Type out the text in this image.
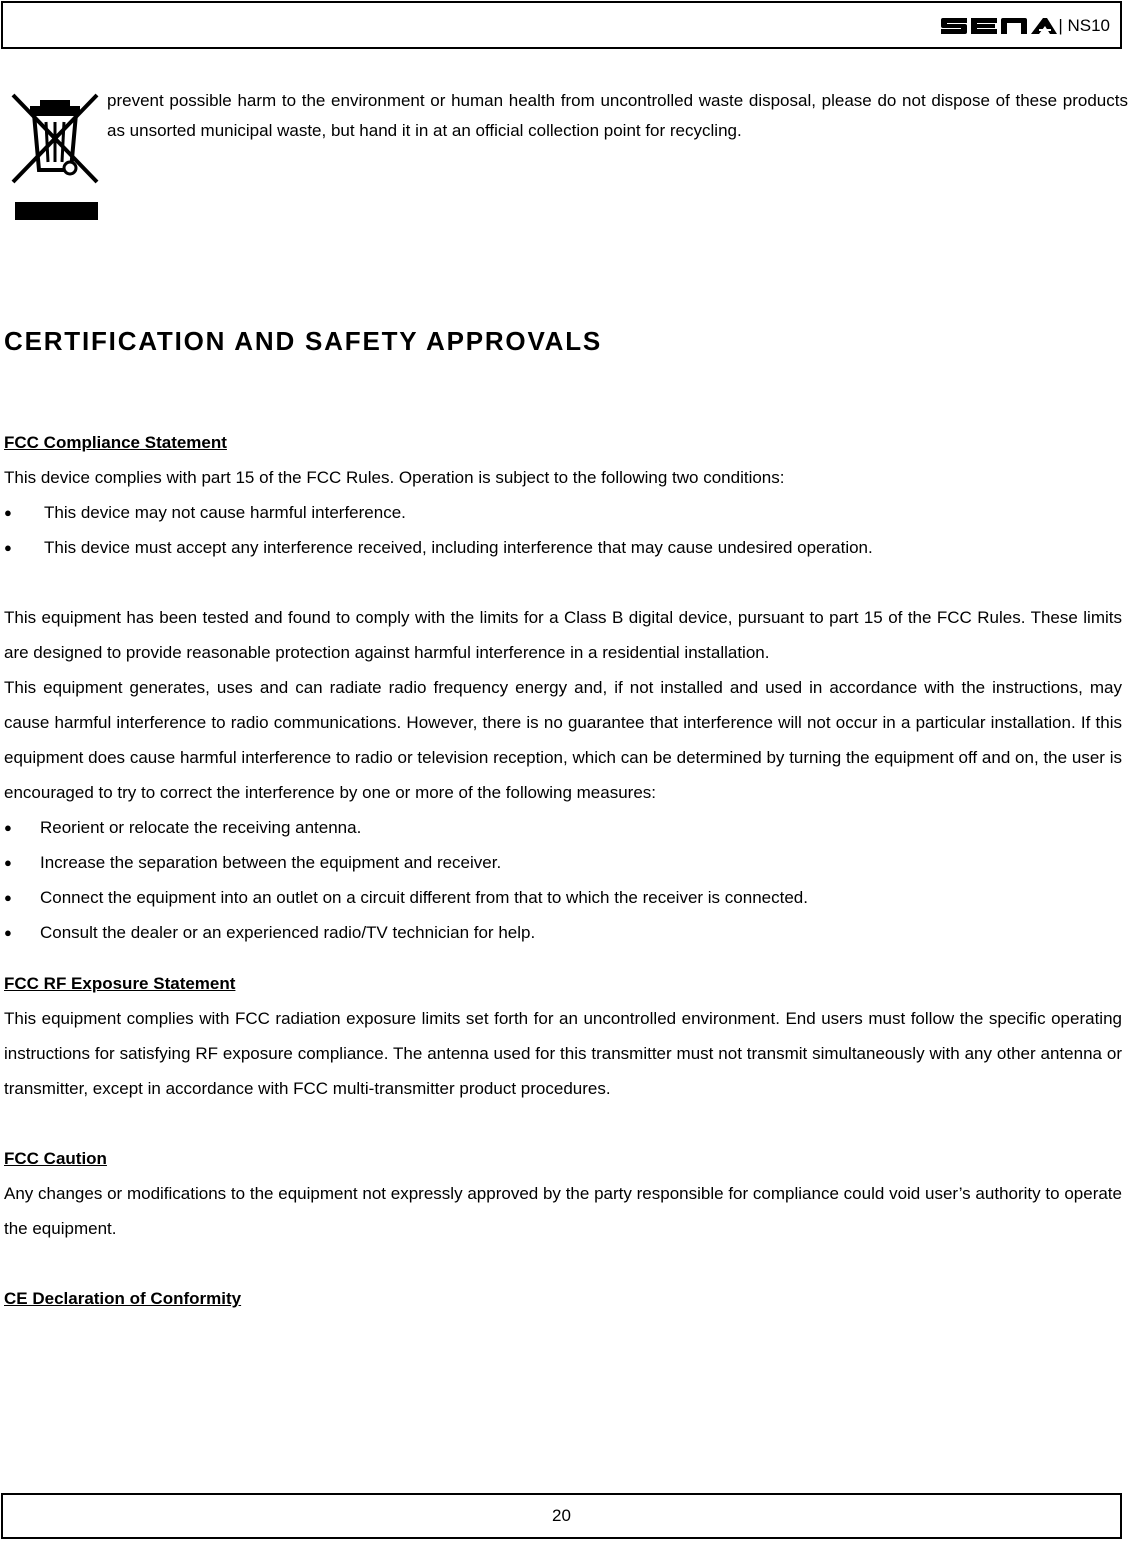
| NS10

prevent possible harm to the environment or human health from uncontrolled waste disposal, please do not dispose of these products as unsorted municipal waste, but hand it in at an official collection point for recycling.

CERTIFICATION AND SAFETY APPROVALS
FCC Compliance Statement

This device complies with part 15 of the FCC Rules. Operation is subject to the following two conditions:

●	This device may not cause harmful interference.
●	This device must accept any interference received, including interference that may cause undesired operation.

This equipment has been tested and found to comply with the limits for a Class B digital device, pursuant to part 15 of the FCC Rules. These limits are designed to provide reasonable protection against harmful interference in a residential installation.

This equipment generates, uses and can radiate radio frequency energy and, if not installed and used in accordance with the instructions, may cause harmful interference to radio communications. However, there is no guarantee that interference will not occur in a particular installation. If this equipment does cause harmful interference to radio or television reception, which can be determined by turning the equipment off and on, the user is encouraged to try to correct the interference by one or more of the following measures:

●	Reorient or relocate the receiving antenna.
●	Increase the separation between the equipment and receiver.
●	Connect the equipment into an outlet on a circuit different from that to which the receiver is connected.
●	Consult the dealer or an experienced radio/TV technician for help.
FCC RF Exposure Statement

This equipment complies with FCC radiation exposure limits set forth for an uncontrolled environment. End users must follow the specific operating instructions for satisfying RF exposure compliance. The antenna used for this transmitter must not transmit simultaneously with any other antenna or transmitter, except in accordance with FCC multi-transmitter product procedures.

FCC Caution

Any changes or modifications to the equipment not expressly approved by the party responsible for compliance could void user’s authority to operate the equipment.

CE Declaration of Conformity
20
